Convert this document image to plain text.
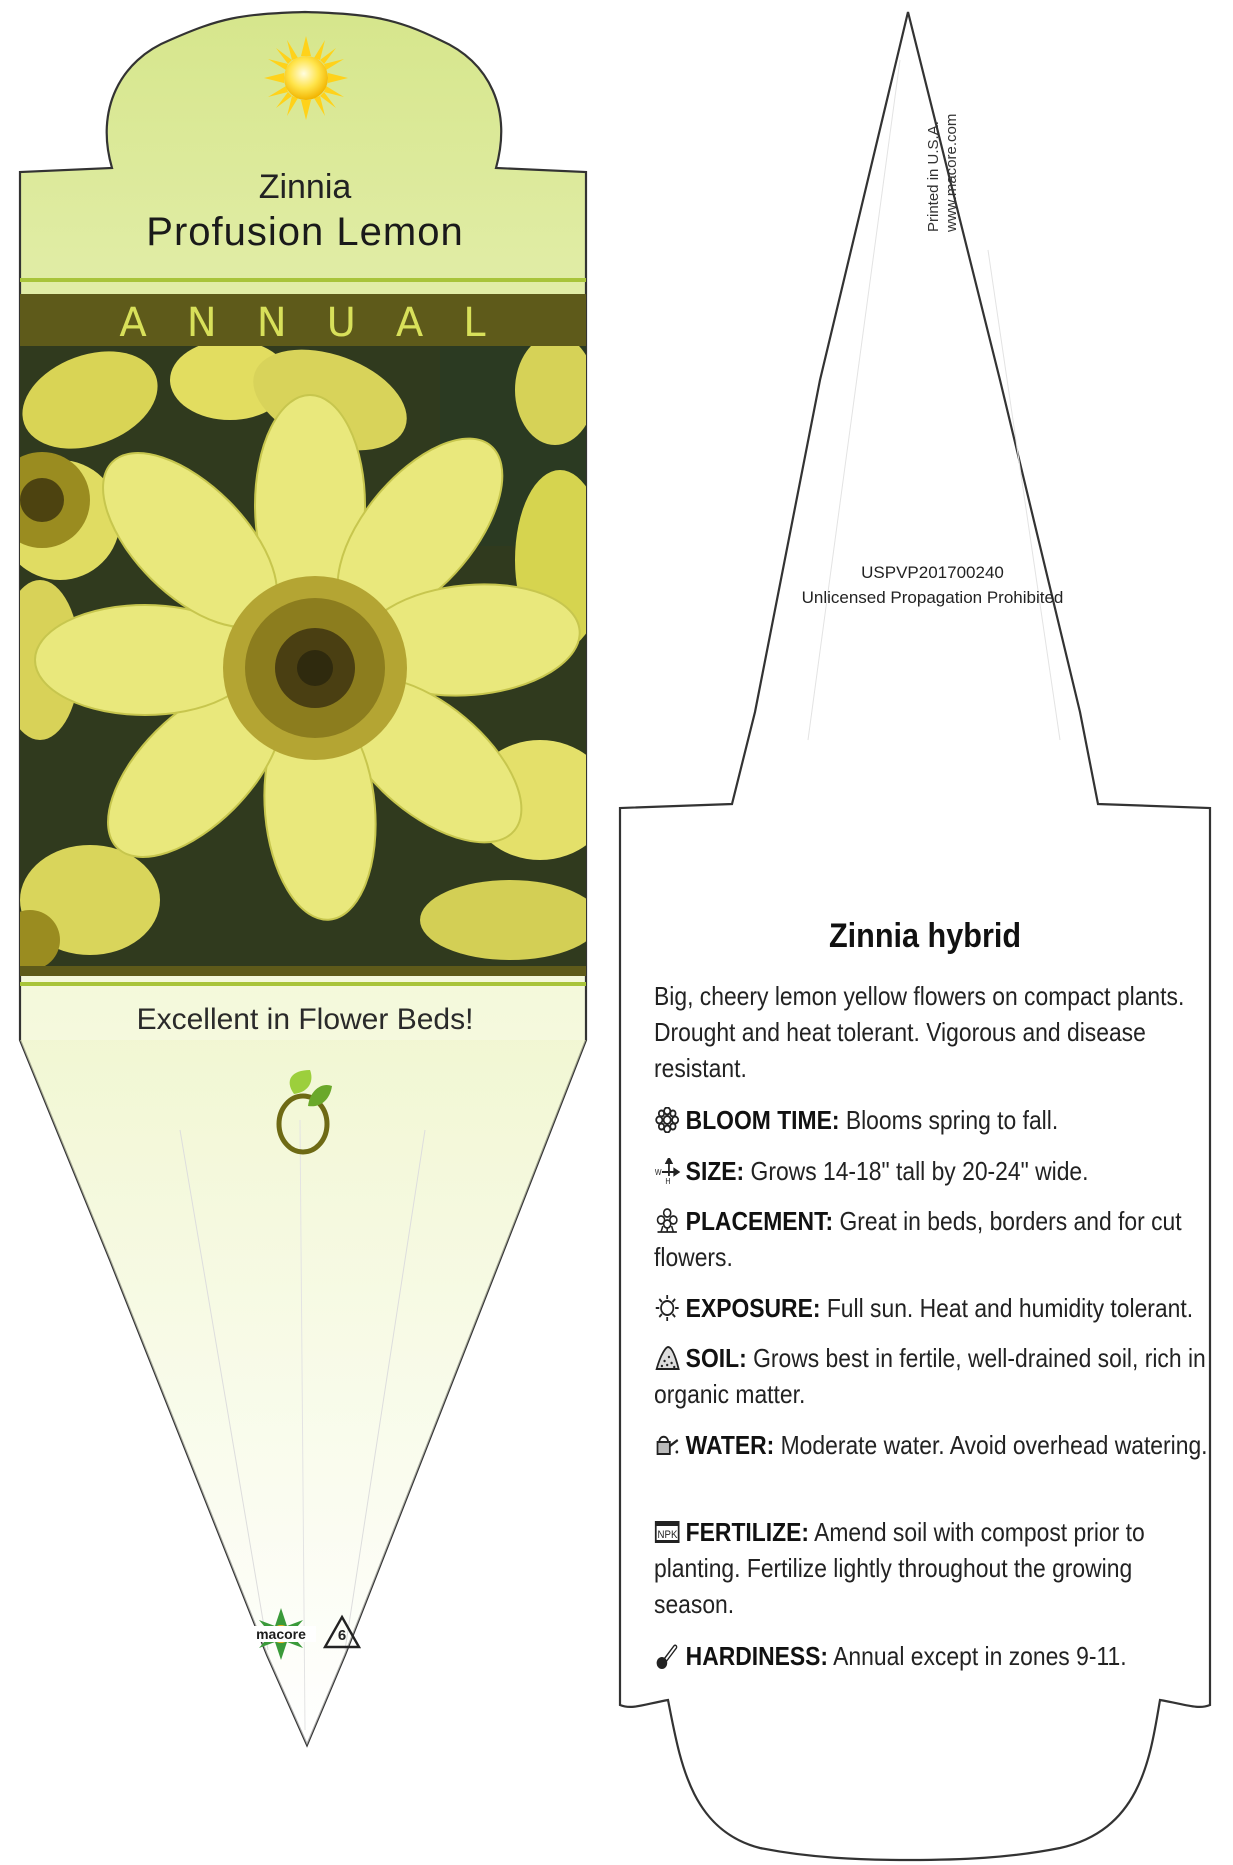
Zinnia
Profusion Lemon
ANNUAL
Excellent in Flower Beds!
macore	6
Printed in U.S.A. www.macore.com
USPVP201700240
Unlicensed Propagation Prohibited
Zinnia hybrid
Big, cheery lemon yellow flowers on compact plants. Drought and heat tolerant. Vigorous and disease resistant.
BLOOM TIME: Blooms spring to fall.
W
H SIZE: Grows 14-18" tall by 20-24" wide.
PLACEMENT: Great in beds, borders and for cut flowers.
EXPOSURE: Full sun. Heat and humidity tolerant.
SOIL: Grows best in fertile, well-drained soil, rich in organic matter.
WATER: Moderate water. Avoid overhead watering.
NPK FERTILIZE: Amend soil with compost prior to planting. Fertilize lightly throughout the growing season.
HARDINESS: Annual except in zones 9-11.
